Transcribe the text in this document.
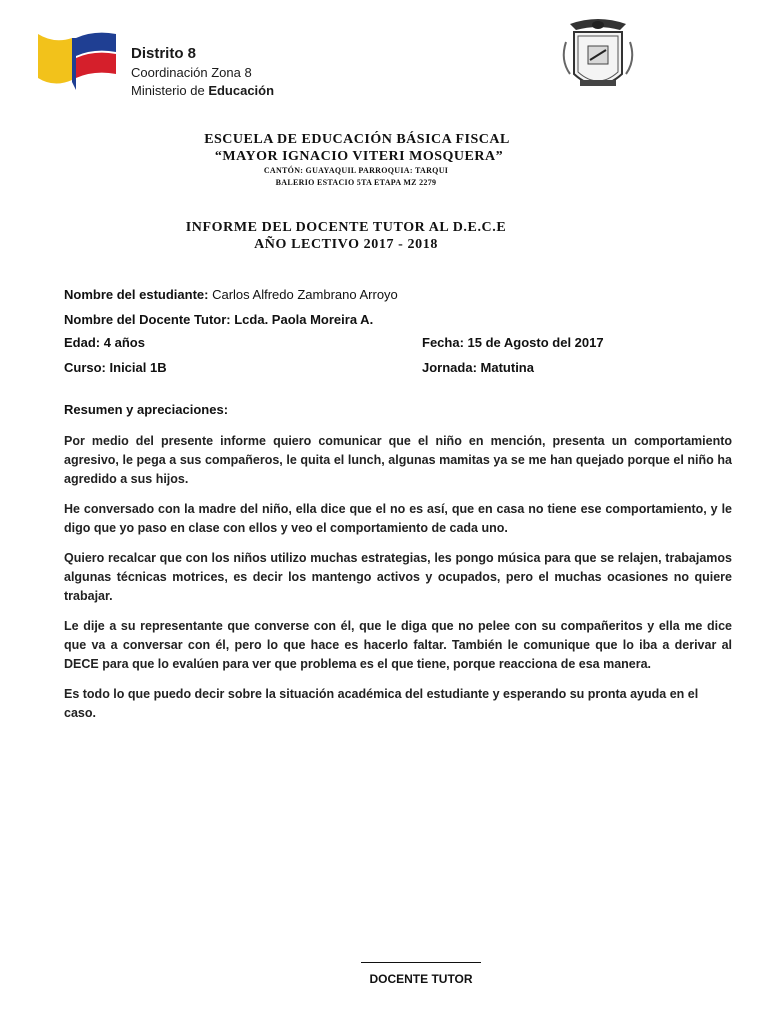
Distrito 8
Coordinación Zona 8
Ministerio de Educación
ESCUELA DE EDUCACIÓN BÁSICA FISCAL
“MAYOR IGNACIO VITERI MOSQUERA”
CANTÓN: GUAYAQUIL PARROQUIA: TARQUI
BALERIO ESTACIO 5TA ETAPA MZ 2279
INFORME DEL DOCENTE TUTOR AL D.E.C.E
AÑO LECTIVO 2017 - 2018
Nombre del estudiante: Carlos Alfredo Zambrano Arroyo
Nombre del Docente Tutor: Lcda. Paola Moreira A.
Edad: 4 años	Fecha: 15 de Agosto del 2017
Curso: Inicial 1B	Jornada: Matutina
Resumen y apreciaciones:

Por medio del presente informe quiero comunicar que el niño en mención, presenta un comportamiento agresivo, le pega a sus compañeros, le quita el lunch, algunas mamitas ya se me han quejado porque el niño ha agredido a sus hijos.

He conversado con la madre del niño, ella dice que el no es así, que en casa no tiene ese comportamiento, y le digo que yo paso en clase con ellos y veo el comportamiento de cada uno.

Quiero recalcar que con los niños utilizo muchas estrategias, les pongo música para que se relajen, trabajamos algunas técnicas motrices, es decir los mantengo activos y ocupados, pero el muchas ocasiones no quiere trabajar.

Le dije a su representante que converse con él, que le diga que no pelee con su compañeritos y ella me dice que va a conversar con él, pero lo que hace es hacerlo faltar. También le comunique que lo iba a derivar al DECE para que lo evalúen para ver que problema es el que tiene, porque reacciona de esa manera.

Es todo lo que puedo decir sobre la situación académica del estudiante y esperando su pronta ayuda en el caso.

DOCENTE TUTOR
